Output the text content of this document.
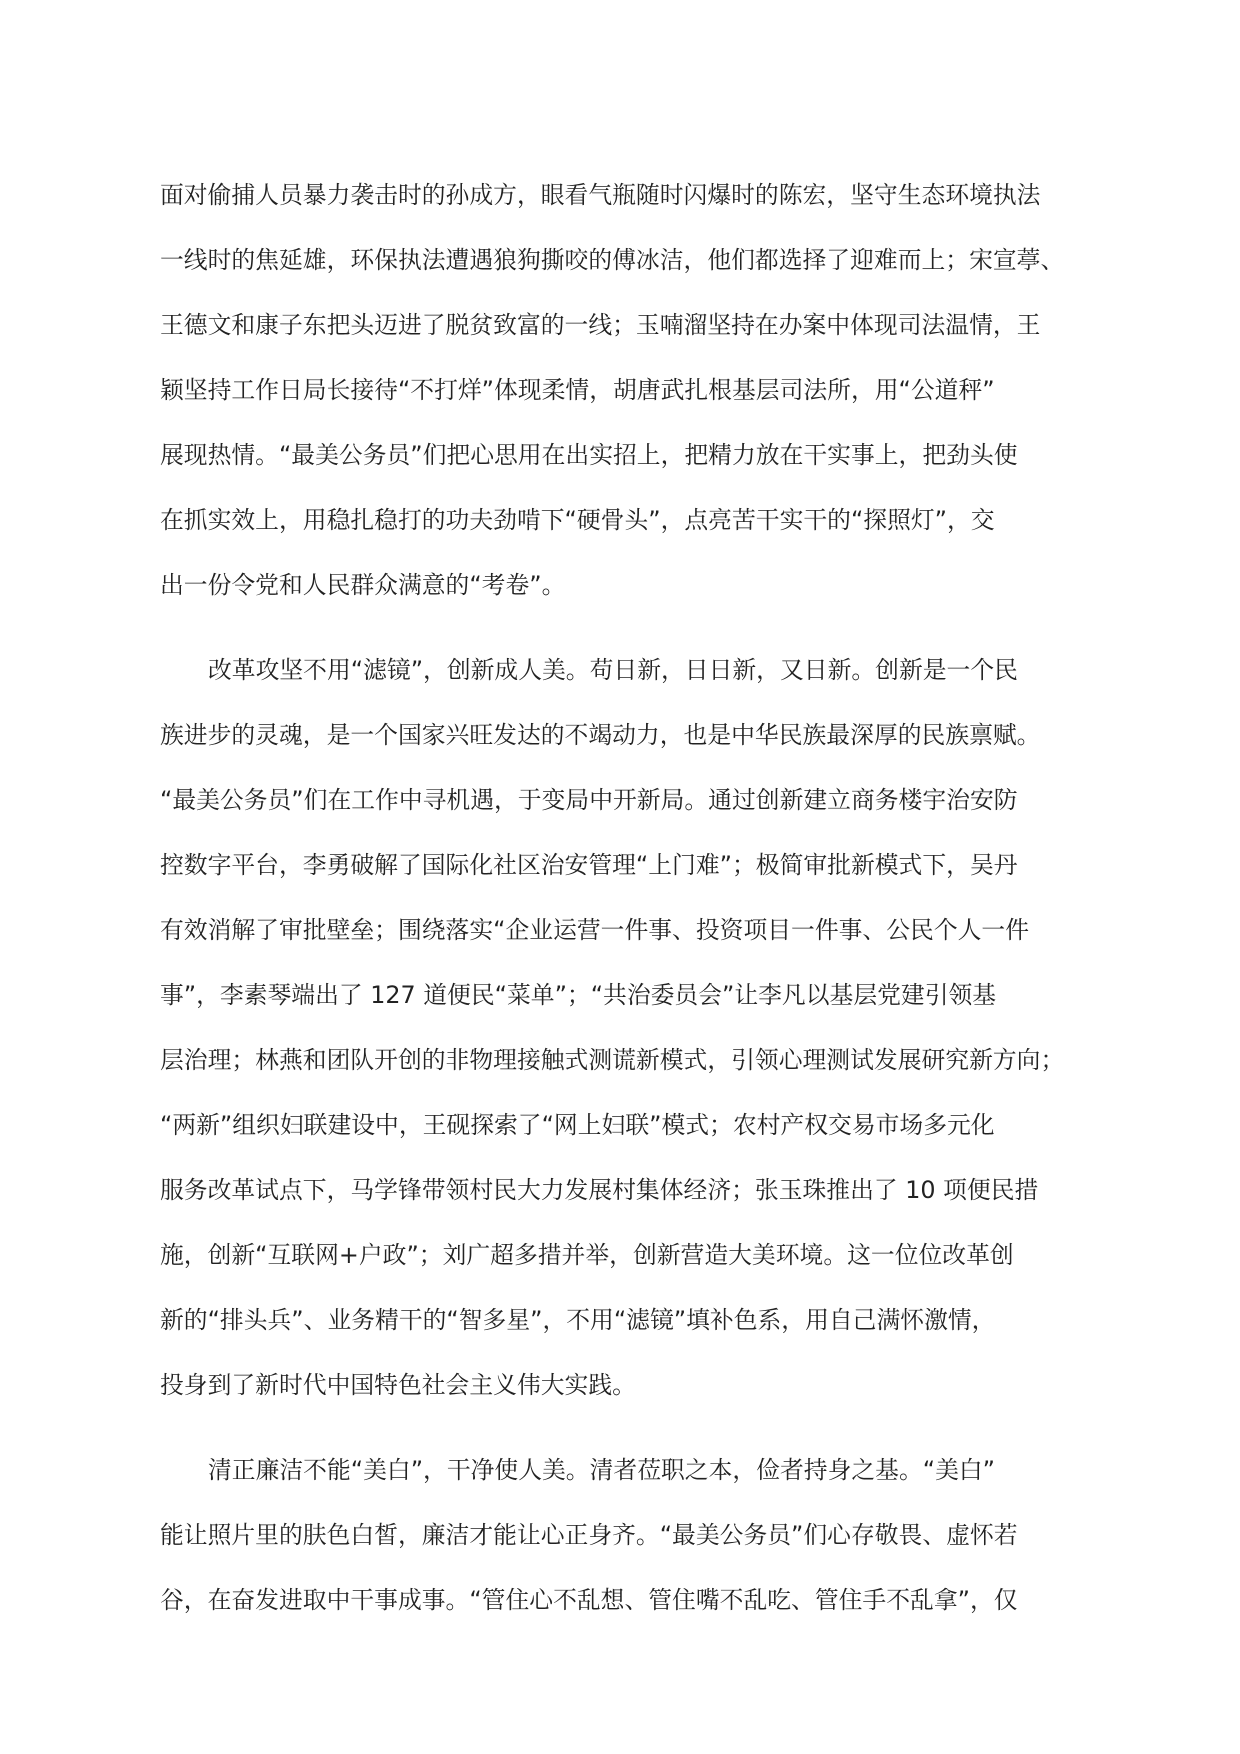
面对偷捕人员暴力袭击时的孙成方，眼看气瓶随时闪爆时的陈宏，坚守生态环境执法
一线时的焦延雄，环保执法遭遇狼狗撕咬的傅冰洁，他们都选择了迎难而上；宋宣葶、
王德文和康子东把头迈进了脱贫致富的一线；玉喃溜坚持在办案中体现司法温情，王
颖坚持工作日局长接待“不打烊”体现柔情，胡唐武扎根基层司法所，用“公道秤”
展现热情。“最美公务员”们把心思用在出实招上，把精力放在干实事上，把劲头使
在抓实效上，用稳扎稳打的功夫劲啃下“硬骨头”，点亮苦干实干的“探照灯”，交
出一份令党和人民群众满意的“考卷”。
改革攻坚不用“滤镜”，创新成人美。苟日新，日日新，又日新。创新是一个民
族进步的灵魂，是一个国家兴旺发达的不竭动力，也是中华民族最深厚的民族禀赋。
“最美公务员”们在工作中寻机遇，于变局中开新局。通过创新建立商务楼宇治安防
控数字平台，李勇破解了国际化社区治安管理“上门难”；极简审批新模式下，吴丹
有效消解了审批壁垒；围绕落实“企业运营一件事、投资项目一件事、公民个人一件
事”，李素琴端出了 127 道便民“菜单”；“共治委员会”让李凡以基层党建引领基
层治理；林燕和团队开创的非物理接触式测谎新模式，引领心理测试发展研究新方向；
“两新”组织妇联建设中，王砚探索了“网上妇联”模式；农村产权交易市场多元化
服务改革试点下，马学锋带领村民大力发展村集体经济；张玉珠推出了 10 项便民措
施，创新“互联网+户政”；刘广超多措并举，创新营造大美环境。这一位位改革创
新的“排头兵”、业务精干的“智多星”，不用“滤镜”填补色系，用自己满怀激情，
投身到了新时代中国特色社会主义伟大实践。
清正廉洁不能“美白”，干净使人美。清者莅职之本，俭者持身之基。“美白”
能让照片里的肤色白皙，廉洁才能让心正身齐。“最美公务员”们心存敬畏、虚怀若
谷，在奋发进取中干事成事。“管住心不乱想、管住嘴不乱吃、管住手不乱拿”，仅
